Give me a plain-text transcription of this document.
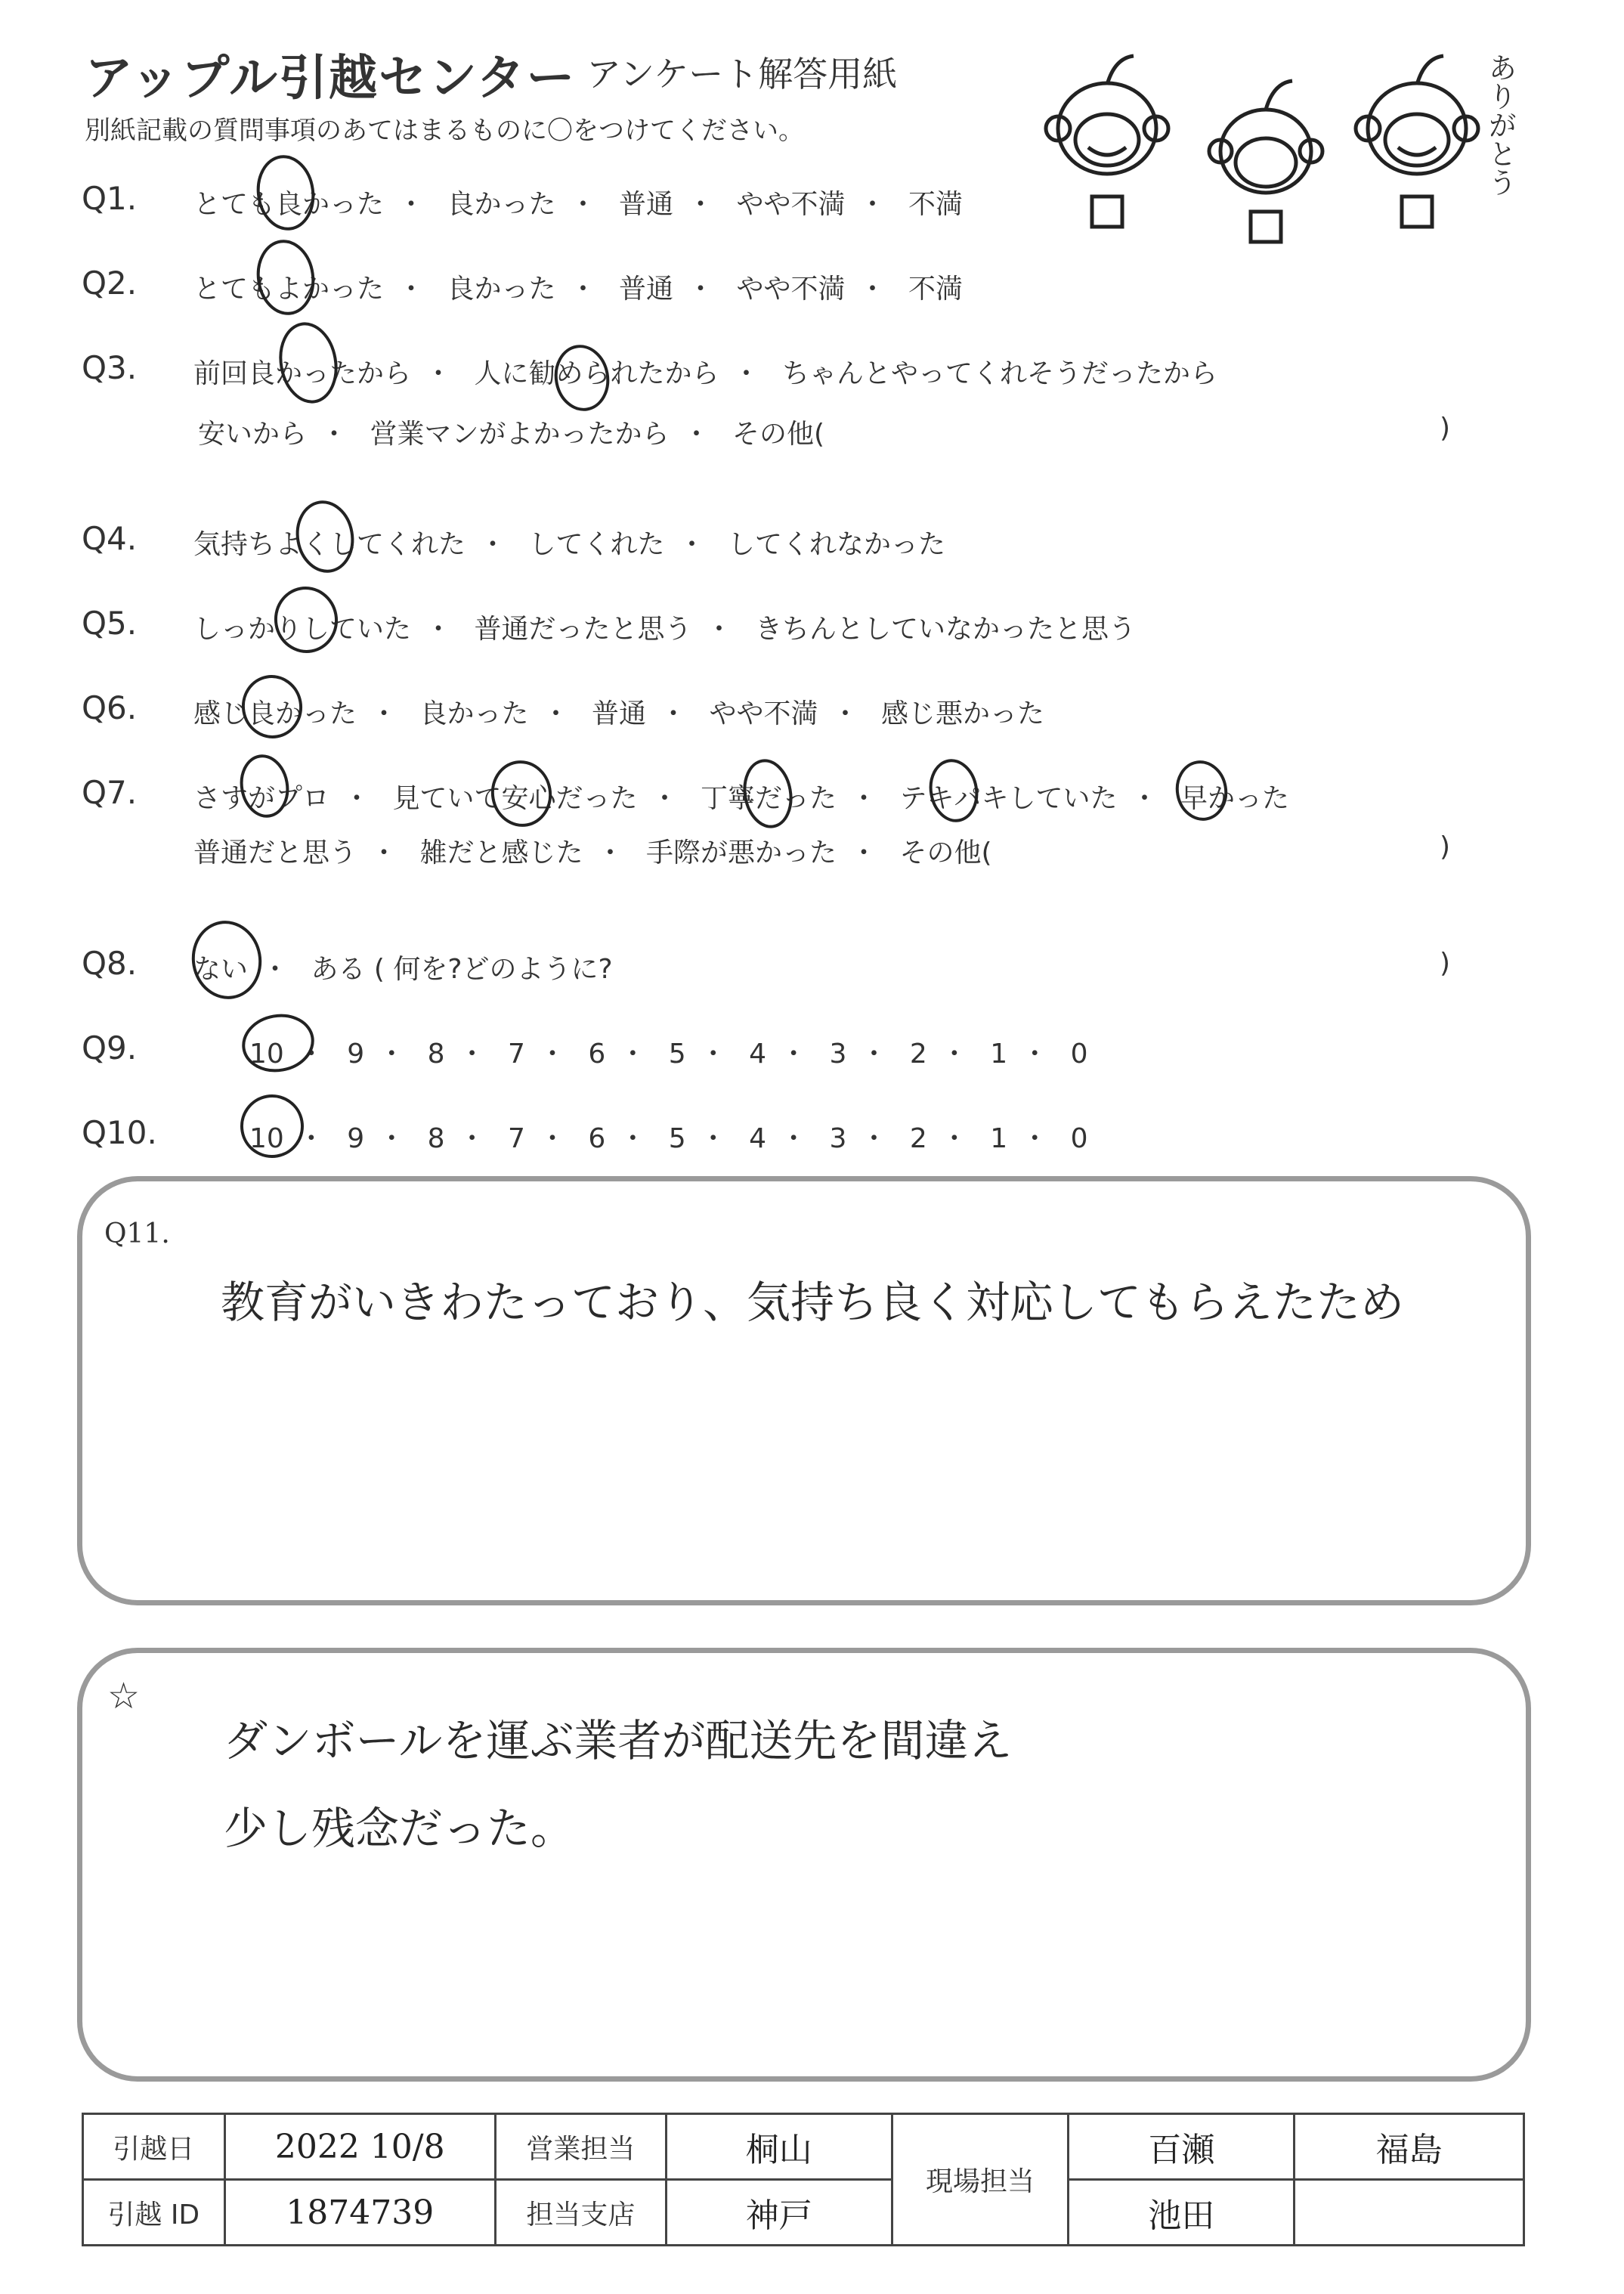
アップル引越センター アンケート解答用紙
別紙記載の質問事項のあてはまるものに〇をつけてください。	ありがとう
Q1. とても良かった ・ 良かった ・ 普通 ・ やや不満 ・ 不満
Q2. とてもよかった ・ 良かった ・ 普通 ・ やや不満 ・ 不満
Q3. 前回良かったから ・ 人に勧められたから ・ ちゃんとやってくれそうだったから
安いから ・ 営業マンがよかったから ・ その他(	)
Q4. 気持ちよくしてくれた ・ してくれた ・ してくれなかった
Q5. しっかりしていた ・ 普通だったと思う ・ きちんとしていなかったと思う
Q6. 感じ良かった ・ 良かった ・ 普通 ・ やや不満 ・ 感じ悪かった
Q7. さすがプロ ・ 見ていて安心だった ・ 丁寧だった ・ テキパキしていた ・ 早かった
普通だと思う ・ 雑だと感じた ・ 手際が悪かった ・ その他(	)
Q8. ない ・ ある ( 何を?どのように?	)
Q9.	10 ・ 9 ・ 8 ・ 7 ・ 6 ・ 5 ・ 4 ・ 3 ・ 2 ・ 1 ・ 0
Q10.	10 ・ 9 ・ 8 ・ 7 ・ 6 ・ 5 ・ 4 ・ 3 ・ 2 ・ 1 ・ 0
Q11.
教育がいきわたっており、気持ち良く対応してもらえたため
☆
ダンボールを運ぶ業者が配送先を間違え
少し残念だった。
引越日	2022 10/8	営業担当	桐山	現場担当	百瀬	福島
引越 ID	1874739	担当支店	神戸		池田	
